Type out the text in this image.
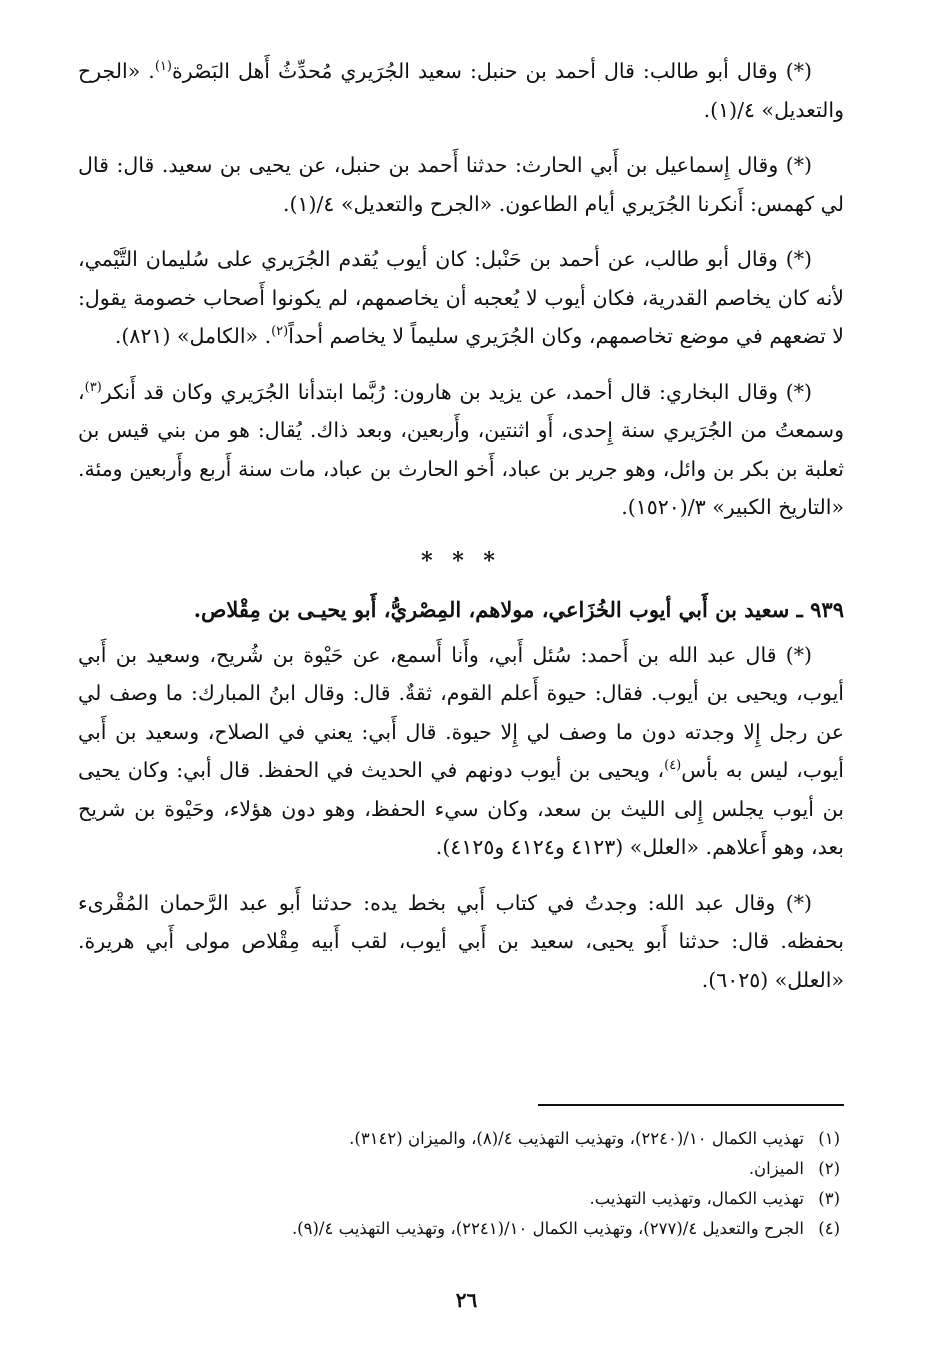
(*) وقال أبو طالب: قال أحمد بن حنبل: سعيد الجُرَيري مُحدِّثُ أَهل البَصْرة$^{(١)}$. «الجرح والتعديل» ٤/(١).
(*) وقال إِسماعيل بن أَبي الحارث: حدثنا أَحمد بن حنبل، عن يحيى بن سعيد. قال: قال لي كهمس: أَنكرنا الجُرَيري أيام الطاعون. «الجرح والتعديل» ٤/(١).
(*) وقال أبو طالب، عن أحمد بن حَنْبل: كان أيوب يُقدم الجُرَيري على سُليمان التَّيْمي، لأنه كان يخاصم القدرية، فكان أيوب لا يُعجبه أن يخاصمهم، لم يكونوا أَصحاب خصومة يقول: لا تضعهم في موضع تخاصمهم، وكان الجُرَيري سليماً لا يخاصم أحداً$^{(٢)}$. «الكامل» (٨٢١).
(*) وقال البخاري: قال أحمد، عن يزيد بن هارون: رُبَّما ابتدأنا الجُرَيري وكان قد أَنكر$^{(٣)}$، وسمعتُ من الجُرَيري سنة إِحدى، أَو اثنتين، وأَربعين، وبعد ذاك. يُقال: هو من بني قيس بن ثعلبة بن بكر بن وائل، وهو جرير بن عباد، أَخو الحارث بن عباد، مات سنة أَربع وأَربعين ومئة. «التاريخ الكبير» ٣/(١٥٢٠).
* * *
٩٣٩ ـ سعيد بن أَبي أيوب الخُزَاعي، مولاهم، المِصْريُّ، أَبو يحيـى بن مِقْلاص.
(*) قال عبد الله بن أَحمد: سُئل أَبي، وأَنا أَسمع، عن حَيْوة بن شُريح، وسعيد بن أَبي أيوب، ويحيى بن أيوب. فقال: حيوة أَعلم القوم، ثقةٌ. قال: وقال ابنُ المبارك: ما وصف لي عن رجل إِلا وجدته دون ما وصف لي إِلا حيوة. قال أَبي: يعني في الصلاح، وسعيد بن أَبي أيوب، ليس به بأس$^{(٤)}$، ويحيى بن أيوب دونهم في الحديث في الحفظ. قال أبي: وكان يحيى بن أيوب يجلس إِلى الليث بن سعد، وكان سيء الحفظ، وهو دون هؤلاء، وحَيْوة بن شريح بعد، وهو أَعلاهم. «العلل» (٤١٢٣ و٤١٢٤ و٤١٢٥).
(*) وقال عبد الله: وجدتُ في كتاب أَبي بخط يده: حدثنا أَبو عبد الرَّحمان المُقْرىء بحفظه. قال: حدثنا أَبو يحيى، سعيد بن أَبي أيوب، لقب أَبيه مِقْلاص مولى أَبي هريرة. «العلل» (٦٠٢٥).
(١)تهذيب الكمال ١٠/(٢٢٤٠)، وتهذيب التهذيب ٤/(٨)، والميزان (٣١٤٢).
(٢)الميزان.
(٣)تهذيب الكمال، وتهذيب التهذيب.
(٤)الجرح والتعديل ٤/(٢٧٧)، وتهذيب الكمال ١٠/(٢٢٤١)، وتهذيب التهذيب ٤/(٩).
٢٦
